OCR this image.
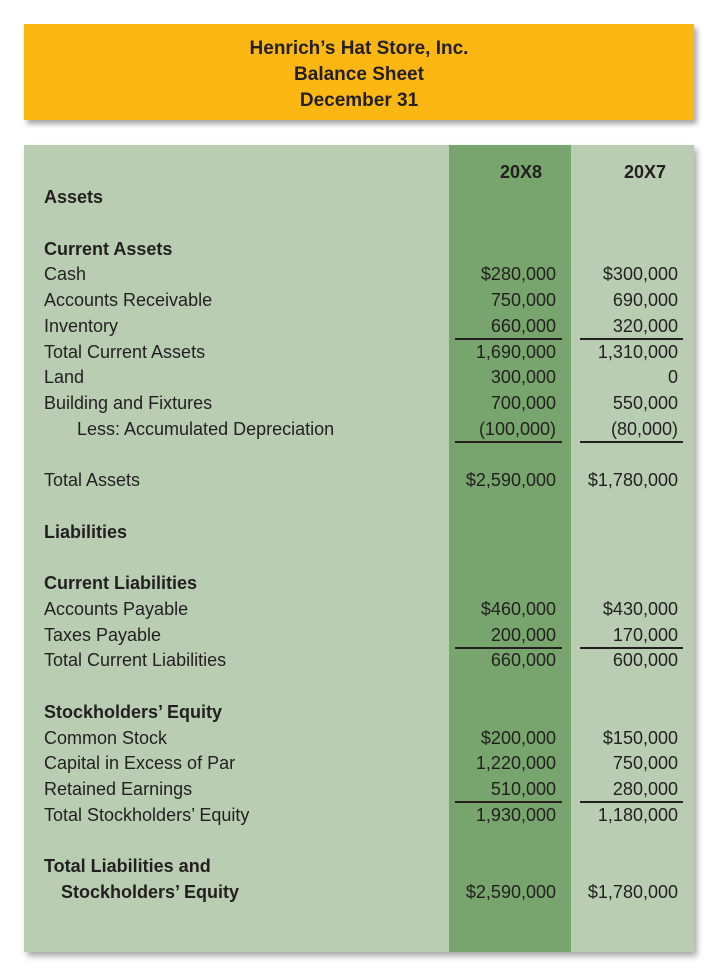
Henrich’s Hat Store, Inc.
Balance Sheet
December 31
20X8	20X7
Assets
Current Assets
Cash	$280,000	$300,000
Accounts Receivable	750,000	690,000
Inventory	660,000	320,000
Total Current Assets	1,690,000 1,310,000
Land	300,000	0
Building and Fixtures	700,000	550,000
Less: Accumulated Depreciation	(100,000)	(80,000)
Total Assets	$2,590,000 $1,780,000
Liabilities
Current Liabilities
Accounts Payable	$460,000	$430,000
Taxes Payable	200,000	170,000
Total Current Liabilities	660,000	600,000
Stockholders’ Equity
Common Stock	$200,000	$150,000
Capital in Excess of Par	1,220,000	750,000
Retained Earnings	510,000	280,000
Total Stockholders’ Equity	1,930,000 1,180,000
Total Liabilities and
Stockholders’ Equity	$2,590,000 $1,780,000
